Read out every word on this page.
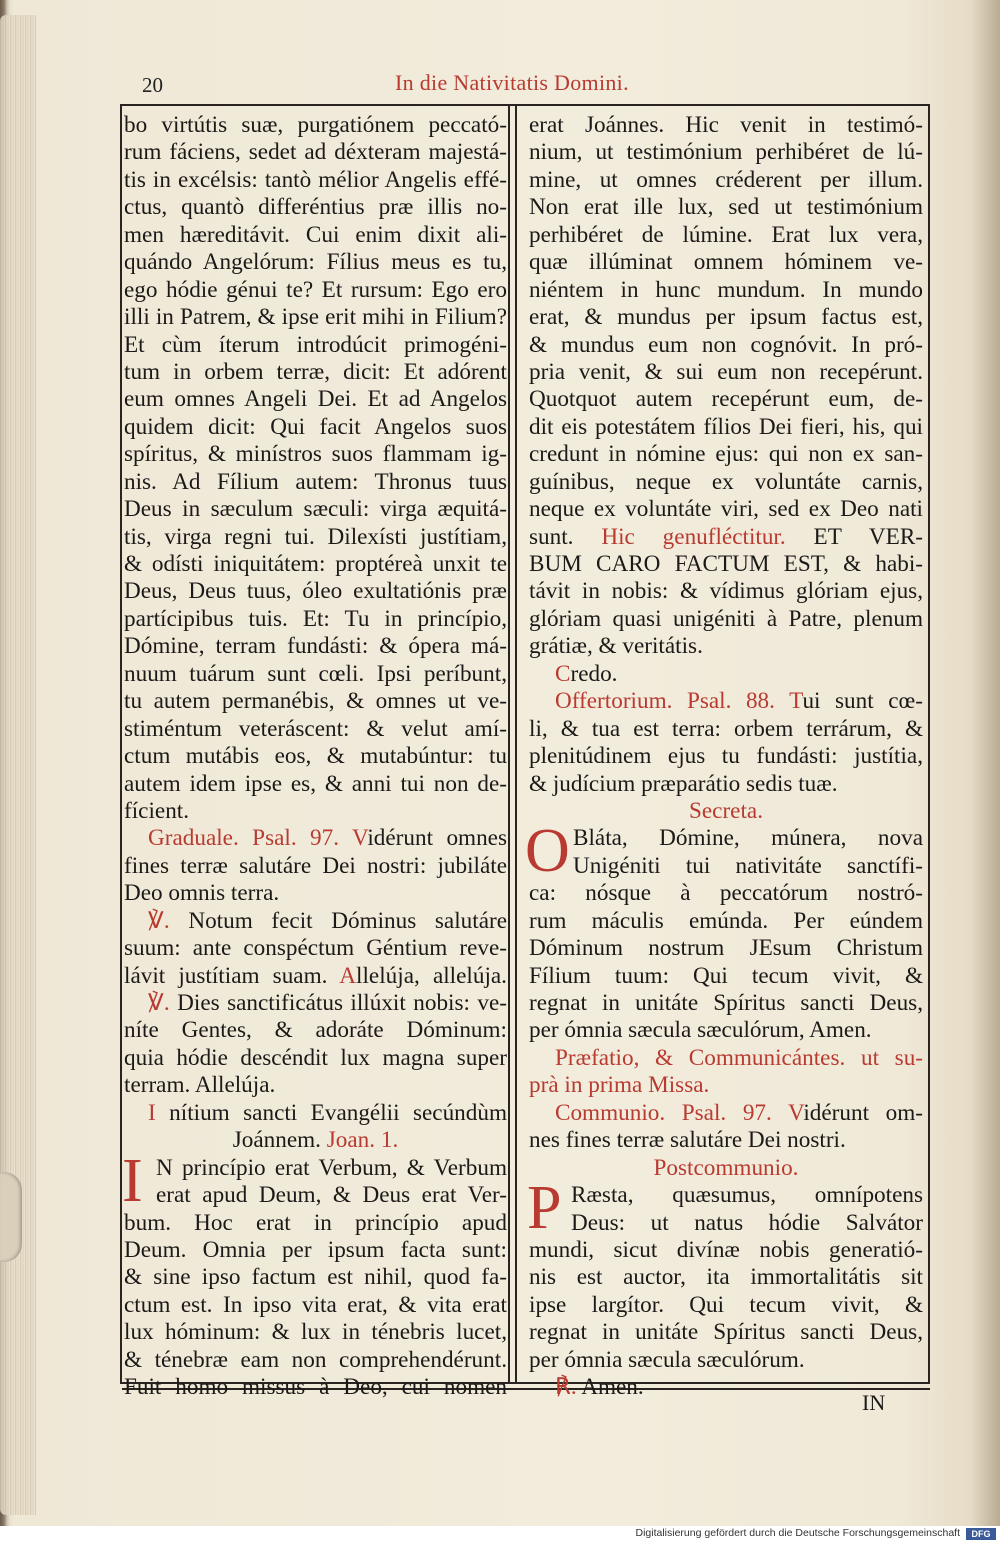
20	In die Nativitatis Domini.
bo virtútis suæ, purgatiónem peccató-
rum fáciens, sedet ad déxteram majestá-
tis in excélsis: tantò mélior Angelis effé-
ctus, quantò differéntius præ illis no-
men hæreditávit. Cui enim dixit ali-
quándo Angelórum: Fílius meus es tu,
ego hódie génui te? Et rursum: Ego ero
illi in Patrem, & ipse erit mihi in Filium?
Et cùm íterum introdúcit primogéni-
tum in orbem terræ, dicit: Et adórent
eum omnes Angeli Dei. Et ad Angelos
quidem dicit: Qui facit Angelos suos
spíritus, & minístros suos flammam ig-
nis. Ad Fílium autem: Thronus tuus
Deus in sæculum sæculi: virga æquitá-
tis, virga regni tui. Dilexísti justítiam,
& odísti iniquitátem: proptéreà unxit te
Deus, Deus tuus, óleo exultatiónis præ
partícipibus tuis. Et: Tu in princípio,
Dómine, terram fundásti: & ópera má-
nuum tuárum sunt cœli. Ipsi períbunt,
tu autem permanébis, & omnes ut ve-
stiméntum veteráscent: & velut amí-
ctum mutábis eos, & mutabúntur: tu
autem idem ipse es, & anni tui non de-
fícient.
Graduale. Psal. 97. Vidérunt omnes
fines terræ salutáre Dei nostri: jubiláte
Deo omnis terra.
℣. Notum fecit Dóminus salutáre
suum: ante conspéctum Géntium reve-
lávit justítiam suam. Allelúja, allelúja.
℣. Dies sanctificátus illúxit nobis: ve-
níte Gentes, & adoráte Dóminum:
quia hódie descéndit lux magna super
terram. Allelúja.
I nítium sancti Evangélii secúndùm
Joánnem. Joan. 1.
I N princípio erat Verbum, & Verbum
erat apud Deum, & Deus erat Ver-
bum. Hoc erat in princípio apud
Deum. Omnia per ipsum facta sunt:
& sine ipso factum est nihil, quod fa-
ctum est. In ipso vita erat, & vita erat
lux hóminum: & lux in ténebris lucet,
& ténebræ eam non comprehendérunt.
Fuit homo missus à Deo, cui nomen
erat Joánnes. Hic venit in testimó-
nium, ut testimónium perhibéret de lú-
mine, ut omnes créderent per illum.
Non erat ille lux, sed ut testimónium
perhibéret de lúmine. Erat lux vera,
quæ illúminat omnem hóminem ve-
niéntem in hunc mundum. In mundo
erat, & mundus per ipsum factus est,
& mundus eum non cognóvit. In pró-
pria venit, & sui eum non recepérunt.
Quotquot autem recepérunt eum, de-
dit eis potestátem fílios Dei fieri, his, qui
credunt in nómine ejus: qui non ex san-
guínibus, neque ex voluntáte carnis,
neque ex voluntáte viri, sed ex Deo nati
sunt. Hic genufléctitur. ET VER-
BUM CARO FACTUM EST, & habi-
távit in nobis: & vídimus glóriam ejus,
glóriam quasi unigéniti à Patre, plenum
grátiæ, & veritátis.
Credo.
Offertorium. Psal. 88. Tui sunt cœ-
li, & tua est terra: orbem terrárum, &
plenitúdinem ejus tu fundásti: justítia,
& judícium præparátio sedis tuæ.
Secreta.
O Bláta, Dómine, múnera, nova
Unigéniti tui nativitáte sanctífi-
ca: nósque à peccatórum nostró-
rum máculis emúnda. Per eúndem
Dóminum nostrum JEsum Christum
Fílium tuum: Qui tecum vivit, &
regnat in unitáte Spíritus sancti Deus,
per ómnia sæcula sæculórum, Amen.
Præfatio, & Communicántes. ut su-
prà in prima Missa.
Communio. Psal. 97. Vidérunt om-
nes fines terræ salutáre Dei nostri.
Postcommunio.
P Ræsta, quæsumus, omnípotens
Deus: ut natus hódie Salvátor
mundi, sicut divínæ nobis generatió-
nis est auctor, ita immortalitátis sit
ipse largítor. Qui tecum vivit, &
regnat in unitáte Spíritus sancti Deus,
per ómnia sæcula sæculórum.
℟. Amen.
IN
Digitalisierung gefördert durch die Deutsche Forschungsgemeinschaft	DFG
